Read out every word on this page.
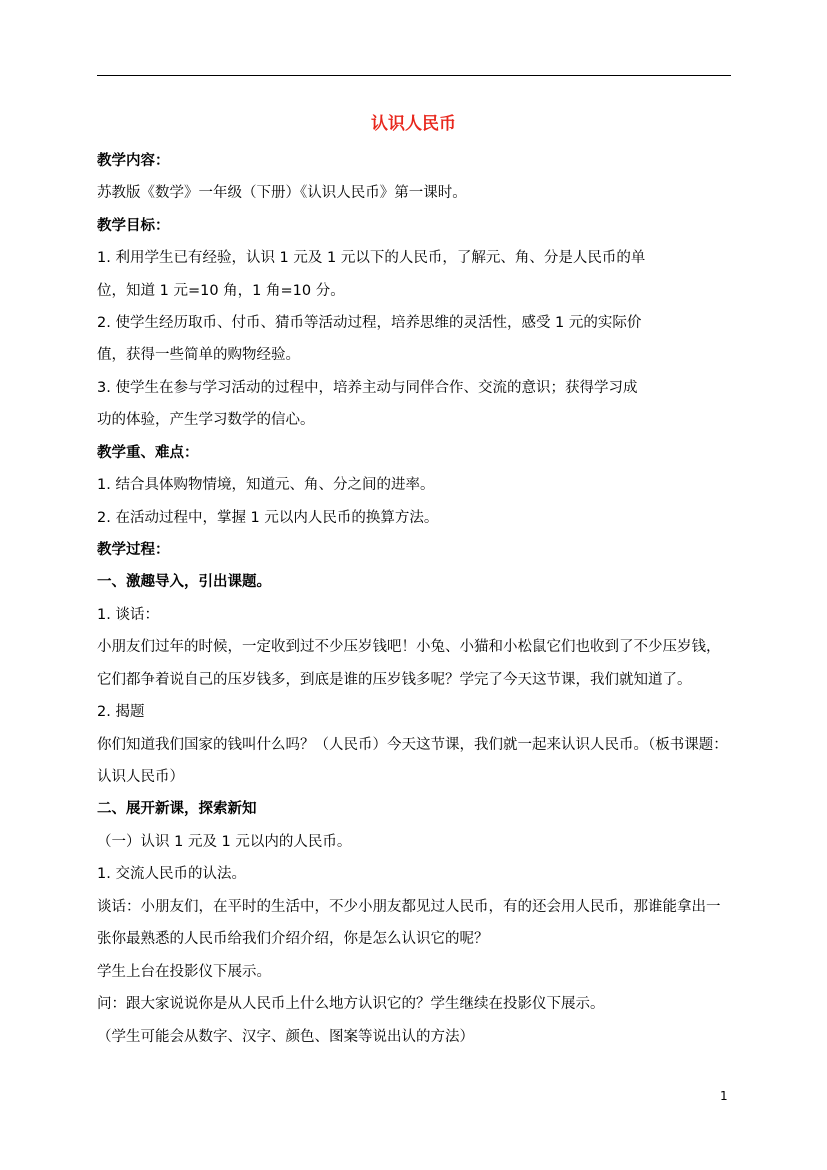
认识人民币
教学内容：
苏教版《数学》一年级（下册）《认识人民币》第一课时。
教学目标：
1. 利用学生已有经验，认识 1 元及 1 元以下的人民币，了解元、角、分是人民币的单
位，知道 1 元=10 角，1 角=10 分。
2. 使学生经历取币、付币、猜币等活动过程，培养思维的灵活性，感受 1 元的实际价
值，获得一些简单的购物经验。
3. 使学生在参与学习活动的过程中，培养主动与同伴合作、交流的意识；获得学习成
功的体验，产生学习数学的信心。
教学重、难点：
1. 结合具体购物情境，知道元、角、分之间的进率。
2. 在活动过程中，掌握 1 元以内人民币的换算方法。
教学过程：
一、激趣导入，引出课题。
1. 谈话：
小朋友们过年的时候，一定收到过不少压岁钱吧！小兔、小猫和小松鼠它们也收到了不少压岁钱，
它们都争着说自己的压岁钱多，到底是谁的压岁钱多呢？学完了今天这节课，我们就知道了。
2. 揭题
你们知道我们国家的钱叫什么吗？（人民币）今天这节课，我们就一起来认识人民币。（板书课题：
认识人民币）
二、展开新课，探索新知
（一）认识 1 元及 1 元以内的人民币。
1. 交流人民币的认法。
谈话：小朋友们，在平时的生活中，不少小朋友都见过人民币，有的还会用人民币，那谁能拿出一
张你最熟悉的人民币给我们介绍介绍，你是怎么认识它的呢？
学生上台在投影仪下展示。
问：跟大家说说你是从人民币上什么地方认识它的？学生继续在投影仪下展示。
（学生可能会从数字、汉字、颜色、图案等说出认的方法）
1
